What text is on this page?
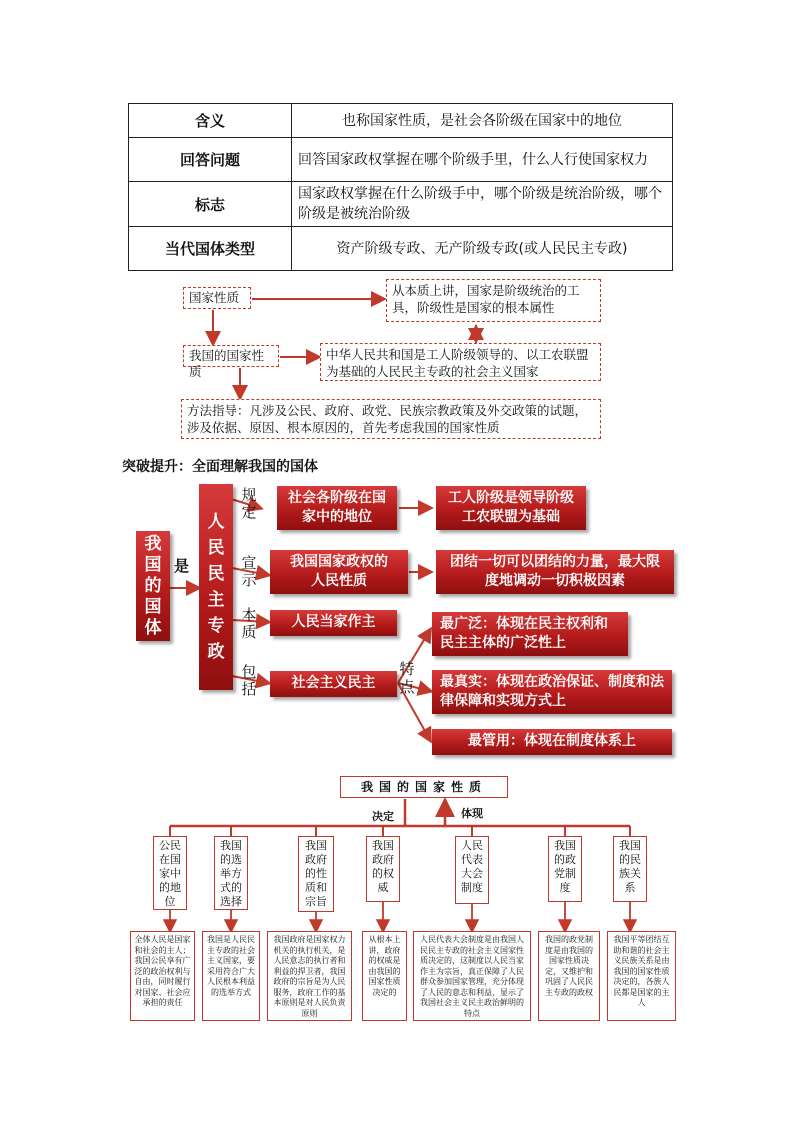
含义	也称国家性质，是社会各阶级在国家中的地位
回答问题	回答国家政权掌握在哪个阶级手里，什么人行使国家权力
标志	国家政权掌握在什么阶级手中，哪个阶级是统治阶级，哪个阶级是被统治阶级
当代国体类型	资产阶级专政、无产阶级专政(或人民民主专政)
国家性质	从本质上讲，国家是阶级统治的工具，阶级性是国家的根本属性
我国的国家性质
中华人民共和国是工人阶级领导的、以工农联盟为基础的人民民主专政的社会主义国家
方法指导：凡涉及公民、政府、政党、民族宗教政策及外交政策的试题，涉及依据、原因、根本原因的，首先考虑我国的国家性质
突破提升：全面理解我国的国体
我国的国体
是
人民民主专政
规定
宣示
本质
包括
社会各阶级在国家中的地位
工人阶级是领导阶级工农联盟为基础
我国国家政权的人民性质
团结一切可以团结的力量，最大限度地调动一切积极因素
人民当家作主
社会主义民主
特点
最广泛：体现在民主权利和民主主体的广泛性上
最真实：体现在政治保证、制度和法律保障和实现方式上
最管用：体现在制度体系上
我国的国家性质
决定	体现
公民在国家中的地位
我国的选举方式的选择
我国政府的性质和宗旨
我国政府的权威
人民代表大会制度
我国的政党制度
我国的民族关系
全体人民是国家和社会的主人；我国公民享有广泛的政治权利与自由，同时履行对国家、社会应承担的责任
我国是人民民主专政的社会主义国家，要采用符合广大人民根本利益的选举方式
我国政府是国家权力机关的执行机关，是人民意志的执行者和利益的捍卫者，我国政府的宗旨是为人民服务，政府工作的基本原则是对人民负责原则
从根本上讲，政府的权威是由我国的国家性质决定的
人民代表大会制度是由我国人民民主专政的社会主义国家性质决定的，这制度以人民当家作主为宗旨，真正保障了人民群众参加国家管理，充分体现了人民的意志和利益，显示了我国社会主义民主政治鲜明的特点
我国的政党制度是由我国的国家性质决定，又维护和巩固了人民民主专政的政权
我国平等团结互助和谐的社会主义民族关系是由我国的国家性质决定的，各族人民都是国家的主人
